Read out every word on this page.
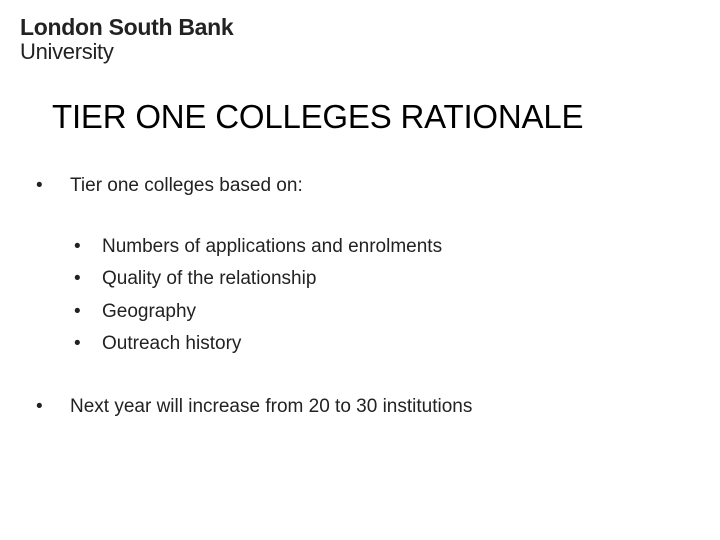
London South Bank
University
TIER ONE COLLEGES RATIONALE
• Tier one colleges based on:
• Numbers of applications and enrolments
• Quality of the relationship
• Geography
• Outreach history
• Next year will increase from 20 to 30 institutions
